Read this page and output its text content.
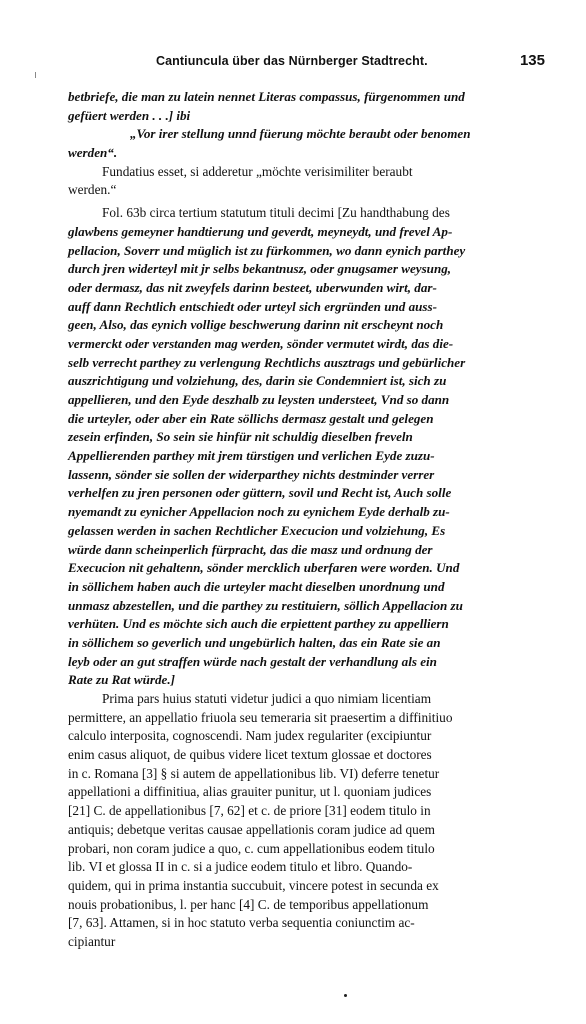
Cantiuncula über das Nürnberger Stadtrecht.	135
betbriefe, die man zu latein nennet Literas compassus, fürgenommen und
gefüert werden . . .] ibi
„Vor irer stellung unnd füerung möchte beraubt oder benomen
werden“.
Fundatius esset, si adderetur „möchte verisimiliter beraubt
werden.“
Fol. 63b circa tertium statutum tituli decimi [Zu handthabung des
glawbens gemeyner handtierung und geverdt, meyneydt, und frevel Ap-
pellacion, Soverr und müglich ist zu fürkommen, wo dann eynich parthey
durch jren widerteyl mit jr selbs bekantnusz, oder gnugsamer weysung,
oder dermasz, das nit zweyfels darinn besteet, uberwunden wirt, dar-
auff dann Rechtlich entschiedt oder urteyl sich ergründen und auss-
geen, Also, das eynich vollige beschwerung darinn nit erscheynt noch
vermerckt oder verstanden mag werden, sönder vermutet wirdt, das die-
selb verrecht parthey zu verlengung Rechtlichs ausztrags und gebürlicher
auszrichtigung und volziehung, des, darin sie Condemniert ist, sich zu
appellieren, und den Eyde deszhalb zu leysten understeet, Vnd so dann
die urteyler, oder aber ein Rate söllichs dermasz gestalt und gelegen
zesein erfinden, So sein sie hinfür nit schuldig dieselben freveln
Appellierenden parthey mit jrem türstigen und verlichen Eyde zuzu-
lassenn, sönder sie sollen der widerparthey nichts destminder verrer
verhelfen zu jren personen oder güttern, sovil und Recht ist, Auch solle
nyemandt zu eynicher Appellacion noch zu eynichem Eyde derhalb zu-
gelassen werden in sachen Rechtlicher Execucion und volziehung, Es
würde dann scheinperlich fürpracht, das die masz und ordnung der
Execucion nit gehaltenn, sönder mercklich uberfaren were worden. Und
in söllichem haben auch die urteyler macht dieselben unordnung und
unmasz abzestellen, und die parthey zu restituiern, söllich Appellacion zu
verhüten. Und es möchte sich auch die erpiettent parthey zu appelliern
in söllichem so geverlich und ungebürlich halten, das ein Rate sie an
leyb oder an gut straffen würde nach gestalt der verhandlung als ein
Rate zu Rat würde.]
Prima pars huius statuti videtur judici a quo nimiam licentiam
permittere, an appellatio friuola seu temeraria sit praesertim a diffinitiuo
calculo interposita, cognoscendi. Nam judex regulariter (excipiuntur
enim casus aliquot, de quibus videre licet textum glossae et doctores
in c. Romana [3] § si autem de appellationibus lib. VI) deferre tenetur
appellationi a diffinitiua, alias grauiter punitur, ut l. quoniam judices
[21] C. de appellationibus [7, 62] et c. de priore [31] eodem titulo in
antiquis; debetque veritas causae appellationis coram judice ad quem
probari, non coram judice a quo, c. cum appellationibus eodem titulo
lib. VI et glossa II in c. si a judice eodem titulo et libro. Quando-
quidem, qui in prima instantia succubuit, vincere potest in secunda ex
nouis probationibus, l. per hanc [4] C. de temporibus appellationum
[7, 63]. Attamen, si in hoc statuto verba sequentia coniunctim ac-
cipiantur
